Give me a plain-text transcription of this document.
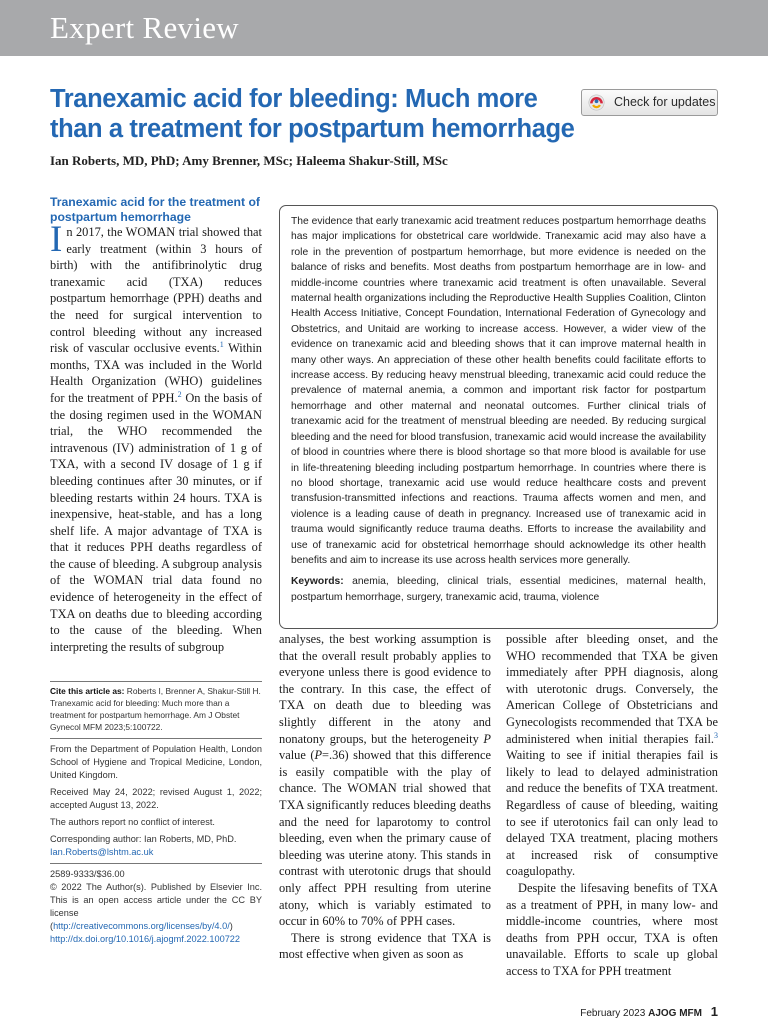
Expert Review
Tranexamic acid for bleeding: Much more than a treatment for postpartum hemorrhage
Check for updates
Ian Roberts, MD, PhD; Amy Brenner, MSc; Haleema Shakur-Still, MSc
Tranexamic acid for the treatment of postpartum hemorrhage

In 2017, the WOMAN trial showed that early treatment (within 3 hours of birth) with the antifibrinolytic drug tranexamic acid (TXA) reduces postpartum hemorrhage (PPH) deaths and the need for surgical intervention to control bleeding without any increased risk of vascular occlusive events.$^1$ Within months, TXA was included in the World Health Organization (WHO) guidelines for the treatment of PPH.$^2$ On the basis of the dosing regimen used in the WOMAN trial, the WHO recommended the intravenous (IV) administration of 1 g of TXA, with a second IV dosage of 1 g if bleeding continues after 30 minutes, or if bleeding restarts within 24 hours. TXA is inexpensive, heat-stable, and has a long shelf life. A major advantage of TXA is that it reduces PPH deaths regardless of the cause of bleeding. A subgroup analysis of the WOMAN trial data found no evidence of heterogeneity in the effect of TXA on deaths due to bleeding according to the cause of the bleeding. When interpreting the results of subgroup

Cite this article as: Roberts I, Brenner A, Shakur-Still H. Tranexamic acid for bleeding: Much more than a treatment for postpartum hemorrhage. Am J Obstet Gynecol MFM 2023;5:100722.

From the Department of Population Health, London School of Hygiene and Tropical Medicine, London, United Kingdom.

Received May 24, 2022; revised August 1, 2022; accepted August 13, 2022.

The authors report no conflict of interest.

Corresponding author: Ian Roberts, MD, PhD.
Ian.Roberts@lshtm.ac.uk

2589-9333/$36.00
© 2022 The Author(s). Published by Elsevier Inc. This is an open access article under the CC BY license (http://creativecommons.org/licenses/by/4.0/)
http://dx.doi.org/10.1016/j.ajogmf.2022.100722

The evidence that early tranexamic acid treatment reduces postpartum hemorrhage deaths has major implications for obstetrical care worldwide. Tranexamic acid may also have a role in the prevention of postpartum hemorrhage, but more evidence is needed on the balance of risks and benefits. Most deaths from postpartum hemorrhage are in low- and middle-income countries where tranexamic acid treatment is often unavailable. Several maternal health organizations including the Reproductive Health Supplies Coalition, Clinton Health Access Initiative, Concept Foundation, International Federation of Gynecology and Obstetrics, and Unitaid are working to increase access. However, a wider view of the evidence on tranexamic acid and bleeding shows that it can improve maternal health in many other ways. An appreciation of these other health benefits could facilitate efforts to increase access. By reducing heavy menstrual bleeding, tranexamic acid could reduce the prevalence of maternal anemia, a common and important risk factor for postpartum hemorrhage and other maternal and neonatal outcomes. Further clinical trials of tranexamic acid for the treatment of menstrual bleeding are needed. By reducing surgical bleeding and the need for blood transfusion, tranexamic acid would increase the availability of blood in countries where there is blood shortage so that more blood is available for use in life-threatening bleeding including postpartum hemorrhage. In countries where there is no blood shortage, tranexamic acid use would reduce healthcare costs and prevent transfusion-transmitted infections and reactions. Trauma affects women and men, and violence is a leading cause of death in pregnancy. Increased use of tranexamic acid in trauma would significantly reduce trauma deaths. Efforts to increase the availability and use of tranexamic acid for obstetrical hemorrhage should acknowledge its other health benefits and aim to increase its use across health services more generally.

Keywords: anemia, bleeding, clinical trials, essential medicines, maternal health, postpartum hemorrhage, surgery, tranexamic acid, trauma, violence

analyses, the best working assumption is that the overall result probably applies to everyone unless there is good evidence to the contrary. In this case, the effect of TXA on death due to bleeding was slightly different in the atony and nonatony groups, but the heterogeneity P value (P=.36) showed that this difference is easily compatible with the play of chance. The WOMAN trial showed that TXA significantly reduces bleeding deaths and the need for laparotomy to control bleeding, even when the primary cause of bleeding was uterine atony. This stands in contrast with uterotonic drugs that should only affect PPH resulting from uterine atony, which is variably estimated to occur in 60% to 70% of PPH cases.

There is strong evidence that TXA is most effective when given as soon as

possible after bleeding onset, and the WHO recommended that TXA be given immediately after PPH diagnosis, along with uterotonic drugs. Conversely, the American College of Obstetricians and Gynecologists recommended that TXA be administered when initial therapies fail.$^3$ Waiting to see if initial therapies fail is likely to lead to delayed administration and reduce the benefits of TXA treatment. Regardless of cause of bleeding, waiting to see if uterotonics fail can only lead to delayed TXA treatment, placing mothers at increased risk of consumptive coagulopathy.

Despite the lifesaving benefits of TXA as a treatment of PPH, in many low- and middle-income countries, where most deaths from PPH occur, TXA is often unavailable. Efforts to scale up global access to TXA for PPH treatment

February 2023 AJOG MFM 1
